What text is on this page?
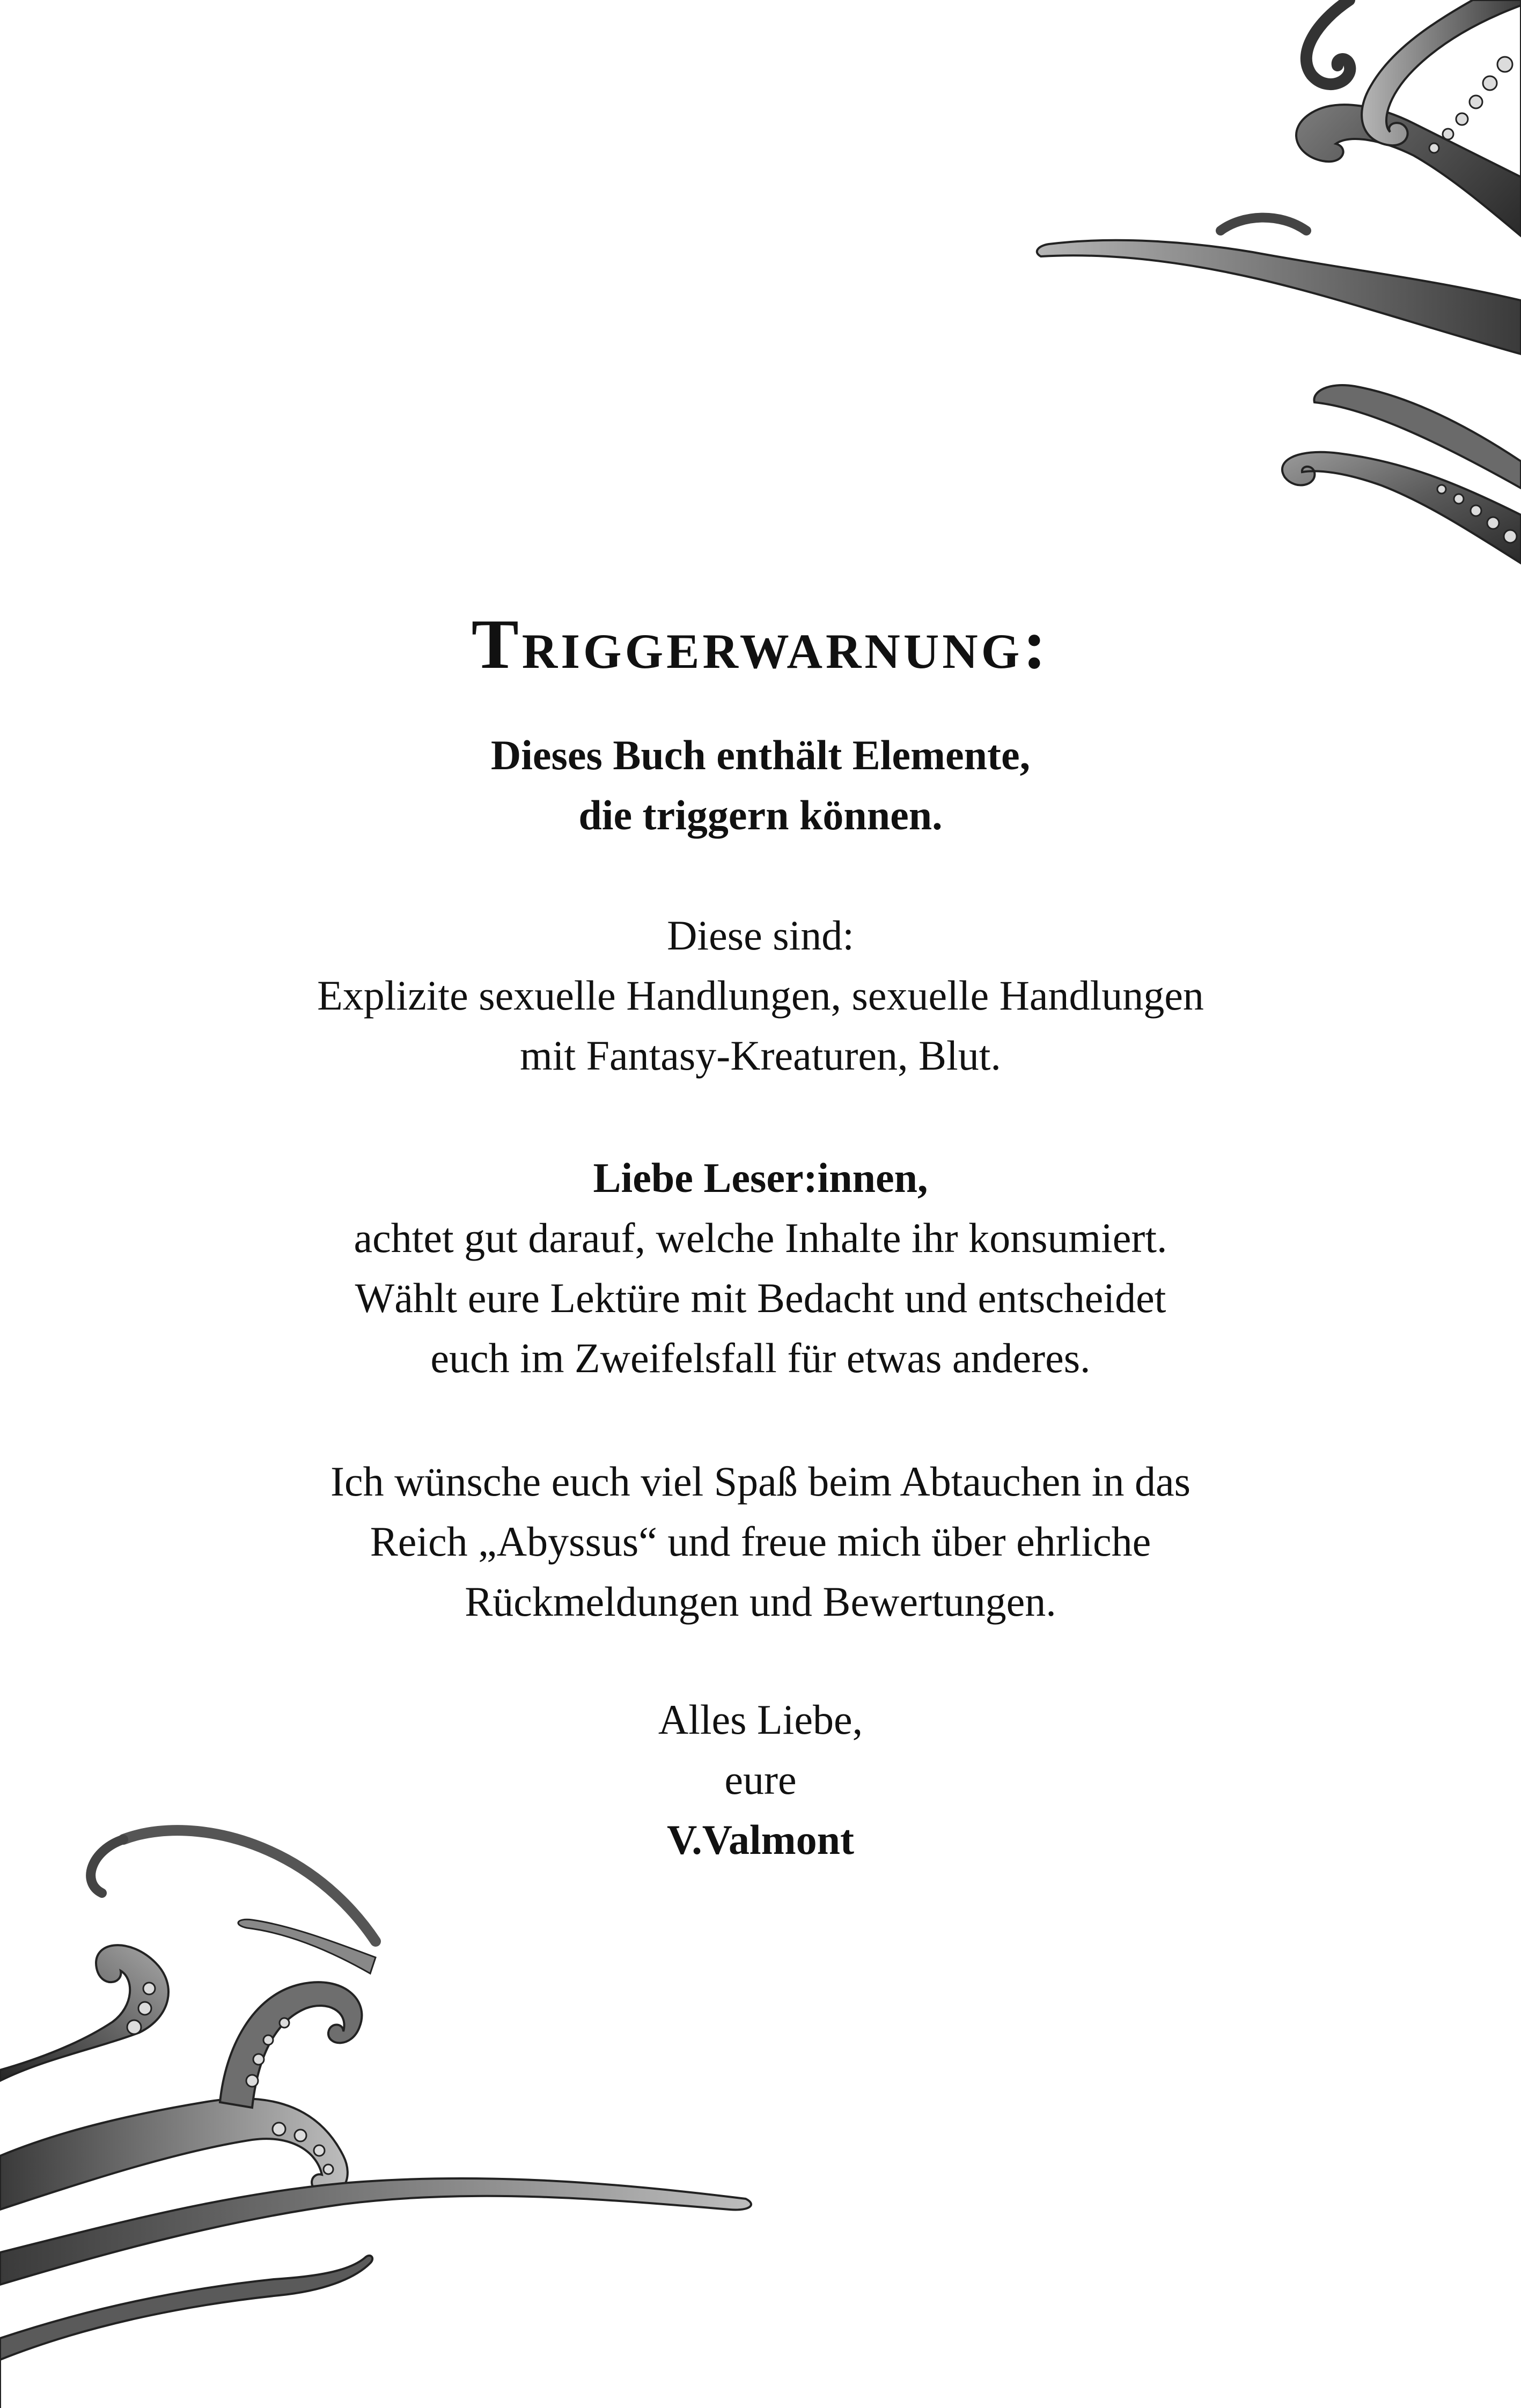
Triggerwarnung:
Dieses Buch enthält Elemente,
die triggern können.
Diese sind:
Explizite sexuelle Handlungen, sexuelle Handlungen
mit Fantasy-Kreaturen, Blut.
Liebe Leser:innen,
achtet gut darauf, welche Inhalte ihr konsumiert.
Wählt eure Lektüre mit Bedacht und entscheidet
euch im Zweifelsfall für etwas anderes.
Ich wünsche euch viel Spaß beim Abtauchen in das
Reich „Abyssus“ und freue mich über ehrliche
Rückmeldungen und Bewertungen.
Alles Liebe,
eure
V.Valmont
